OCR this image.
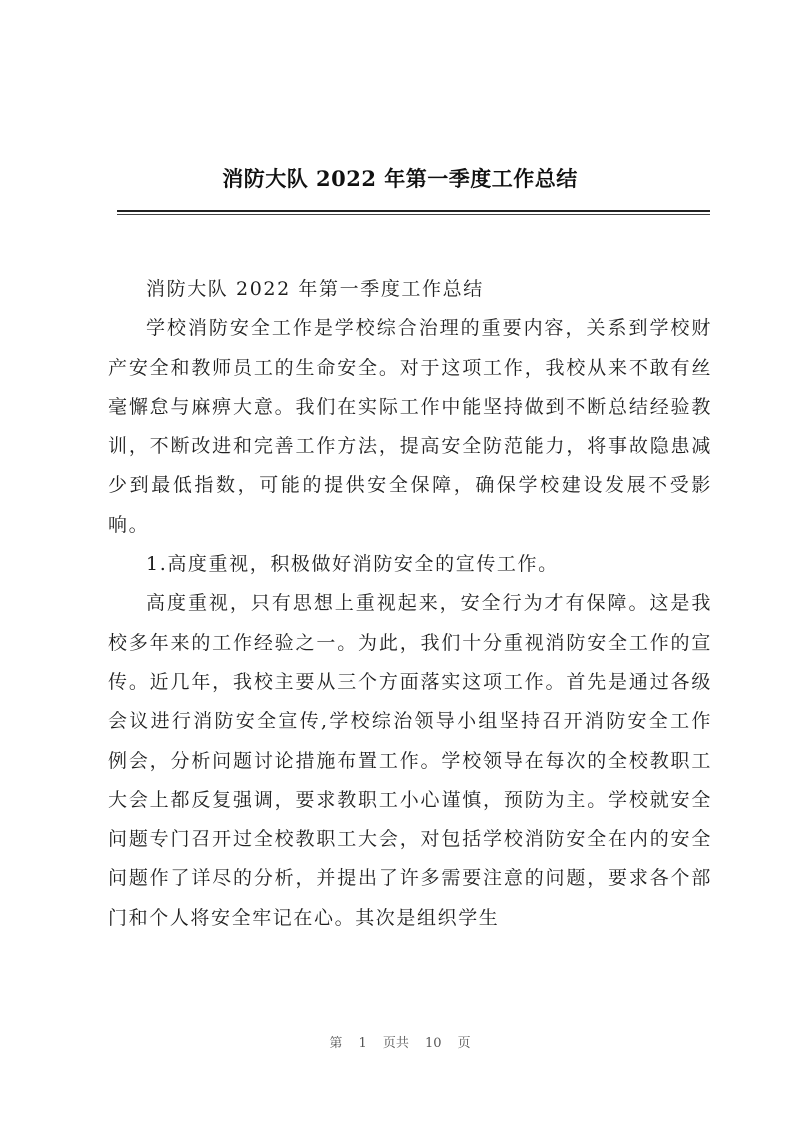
消防大队 2022 年第一季度工作总结

消防大队 2022 年第一季度工作总结

学校消防安全工作是学校综合治理的重要内容，关系到学校财产安全和教师员工的生命安全。对于这项工作，我校从来不敢有丝毫懈怠与麻痹大意。我们在实际工作中能坚持做到不断总结经验教训，不断改进和完善工作方法，提高安全防范能力，将事故隐患减少到最低指数，可能的提供安全保障，确保学校建设发展不受影响。

1.高度重视，积极做好消防安全的宣传工作。

高度重视，只有思想上重视起来，安全行为才有保障。这是我校多年来的工作经验之一。为此，我们十分重视消防安全工作的宣传。近几年，我校主要从三个方面落实这项工作。首先是通过各级会议进行消防安全宣传,学校综治领导小组坚持召开消防安全工作例会，分析问题讨论措施布置工作。学校领导在每次的全校教职工大会上都反复强调，要求教职工小心谨慎，预防为主。学校就安全问题专门召开过全校教职工大会，对包括学校消防安全在内的安全问题作了详尽的分析，并提出了许多需要注意的问题，要求各个部门和个人将安全牢记在心。其次是组织学生

第 1 页共 10 页
